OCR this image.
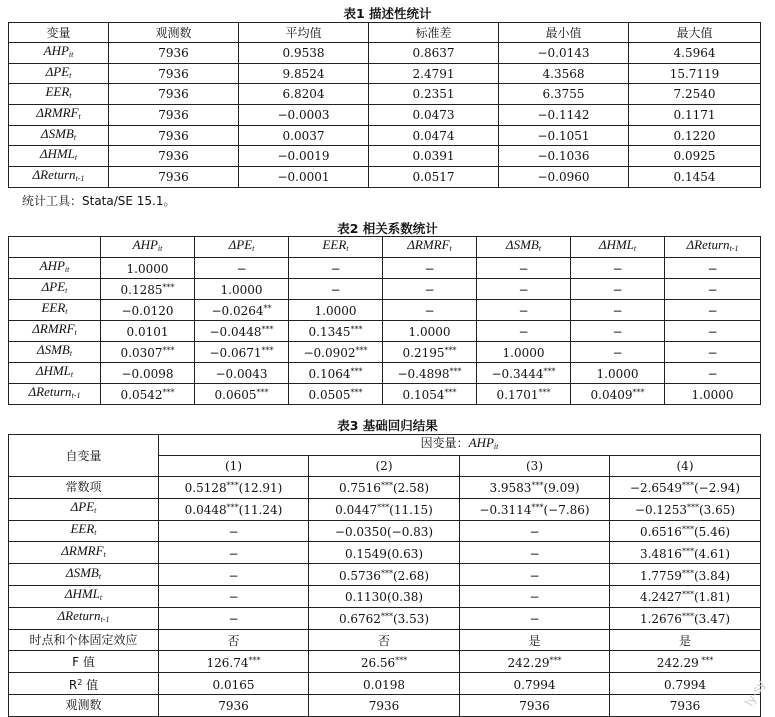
表1 描述性统计
变量	观测数	平均值	标准差	最小值	最大值
$AHP_{it}$	7936	0.9538	0.8637	−0.0143	4.5964
$\Delta PE_t$	7936	9.8524	2.4791	4.3568	15.7119
$EER_t$	7936	6.8204	0.2351	6.3755	7.2540
$\Delta RMRF_t$	7936	−0.0003	0.0473	−0.1142	0.1171
$\Delta SMB_t$	7936	0.0037	0.0474	−0.1051	0.1220
$\Delta HML_t$	7936	−0.0019	0.0391	−0.1036	0.0925
ΔReturn$_{t-1}$	7936	−0.0001	0.0517	−0.0960	0.1454
统计工具：Stata/SE 15.1。
表2 相关系数统计
	$AHP_{it}$	$\Delta PE_t$	$EER_t$	$\Delta RMRF_t$	$\Delta SMB_t$	$\Delta HML_t$	ΔReturn$_{t-1}$
$AHP_{it}$	1.0000	−	−	−	−	−	−
$\Delta PE_t$	0.1285***	1.0000	−	−	−	−	−
$EER_t$	−0.0120	−0.0264**	1.0000	−	−	−	−
$\Delta RMRF_t$	0.0101	−0.0448***	0.1345***	1.0000	−	−	−
$\Delta SMB_t$	0.0307***	−0.0671***	−0.0902***	0.2195***	1.0000	−	−
$\Delta HML_t$	−0.0098	−0.0043	0.1064***	−0.4898***	−0.3444***	1.0000	−
ΔReturn$_{t-1}$	0.0542***	0.0605***	0.0505***	0.1054***	0.1701***	0.0409***	1.0000
表3 基础回归结果
自变量	因变量：$AHP_{it}$
	(1)	(2)	(3)	(4)
常数项	0.5128***(12.91)	0.7516***(2.58)	3.9583***(9.09)	−2.6549***(−2.94)
$\Delta PE_t$	0.0448***(11.24)	0.0447***(11.15)	−0.3114***(−7.86)	−0.1253***(3.65)
$EER_t$	−	−0.0350(−0.83)	−	0.6516***(5.46)
$\Delta RMRF_t$	−	0.1549(0.63)	−	3.4816***(4.61)
$\Delta SMB_t$	−	0.5736***(2.68)	−	1.7759***(3.84)
$\Delta HML_t$	−	0.1130(0.38)	−	4.2427***(1.81)
ΔReturn$_{t-1}$	−	0.6762***(3.53)	−	1.2676***(3.47)
时点和个体固定效应	否	否	是	是
F 值	126.74***	26.56***	242.29***	242.29 ***
$R^2$ 值	0.0165	0.0198	0.7994	0.7994
观测数	7936	7936	7936	7936	ly-sy
